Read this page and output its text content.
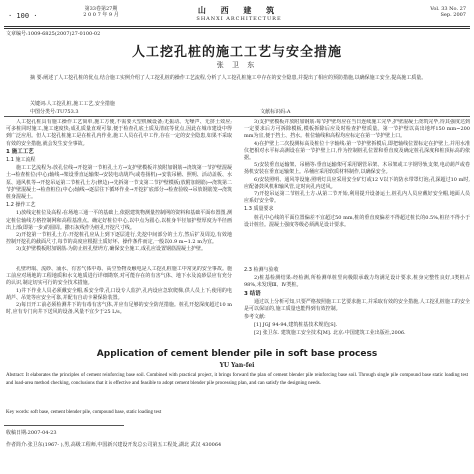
· 100 ·
第33卷第27期
2 0 0 7 年 9 月	山 西 建 筑
SHANXI ARCHITECTURE
Vol. 33 No. 27
Sep. 2007
文章编号:1009-6825(2007)27-0100-02
人工挖孔桩的施工工艺与安全措施
张 卫 东
摘 要:阐述了人工挖孔桩的优点,结合施工实例介绍了人工挖孔桩的操作工艺流程,分析了人工挖孔桩施工中存在的安全隐患,并提出了相应的预防措施,以确保施工安全,提高施工质量。
关键词:人工挖孔桩,施工工艺,安全措施
中图分类号:TU753.3	文献标识码:A

人工挖孔桩具有施工操作工艺简单,施工方便,不需要大型机械设备;无振动、无噪声、无挤土效应;可多桩同时施工,施工速度快;成孔质量直观可靠,便于检查孔底土质及清底等优点,因此在城市建设中得到广泛应用。但人工挖孔桩施工是在桩孔内作业,施工人员在孔中工作,存在一定的安全隐患,如果不采取有效的安全措施,就会发生安全事故。

1 施工工艺
1.1 施工流程

施工工艺流程为:放孔位线→开挖第一节桩孔土方→支护壁模板并放附加钢筋→浇筑第一节护壁混凝土→检查桩位(中心)轴线→架设垂直运输架→安装电动葫芦(或卷扬机)→安装吊桶、照明、活动盖板、水泵、通风机等→开挖吊运第二节桩孔土方(修边)→先拆第一节支第二节护壁模板(放附加钢筋)→浇筑第二节护壁混凝土→检查桩位(中心)轴线→逐层往下循环作业→开挖扩底部分→检查验收→吊放钢筋笼→浇筑桩身混凝土。

1.2 操作工艺

1)放线定桩位及高程:在场地三通一平的基础上,依据建筑物测量控制网的资料和基础平面布置图,测定桩位轴线方格控制网和高程基准点。确定好桩位中心,以中点为圆心,以桩身半径加护壁厚度为半径画出上部(即第一步)的圆周。撒石灰线作为桩孔开挖尺寸线。

2)开挖第一节桩孔土方:开挖桩孔应从上到下逐层进行,先挖中间部分的土方,然后扩及周边,有效地控制开挖孔的截面尺寸,每节的高度应根据土质好坏、操作条件而定,一般以0.9 m~1.2 m为宜。

3)支护壁模板附加钢筋:为防止桩孔壁坍方,确保安全施工,成孔应设置钢筋混凝土护壁。

3)支护壁模板并放附加钢筋:每节护壁均应在当日连续施工完毕,护壁混凝土浇筑完毕,待其强度达到一定要求后方可拆除模板,模板拆除后应及时检查护壁质量。第一节护壁以高出地坪150 mm~200 mm为宜,便于挡土、挡水。桩位轴线和高程均应标定在第一节护壁上口。

4)在护壁上二次投测标高及桩位十字轴线:第一节护壁拆模后,即把轴线位置标定在护壁上,并用水准仪把相对水平标高测设在第一节护壁上口,作为控制桩孔位置和垂直度及确定桩孔深度和桩顶标高的依据。

5)安装垂直运输架、吊桶等:垂直运输架可采用钢管吊架、木吊架或工字钢导轨支架,电动葫芦或卷扬机安装在垂直运输架上。吊桶应采用软质材料制作,以确保安全。

6)安装照明、通风等设施:照明灯具应采用安全矿灯或12 V以下的防水带罩灯泡;孔深超过10 m时,应配备鼓风机和输风管,定时向孔内送风。

7)开挖吊运第二节桩孔土方:从第二节开始,利用提升设备运土,桩孔内人员应戴好安全帽,地面人员应系好安全带。

1.3 质量要求

桩孔中心线的平面位置偏差不宜超过50 mm,桩的垂直度偏差不得超过桩长的0.5%,桩径不得小于设计桩径。混凝土强度等级必须满足设计要求。

孔壁坍塌、流砂、涌水、有害气体中毒、高空坠物及触电是人工挖孔桩施工中常见的安全事故。施工前应对场地的工程地质和水文地质进行详细勘察,对可能存在的有害气体、地下水及流砂层应有充分的认识,制定切实可行的安全技术措施。

1)井下作业人员必须戴安全帽,系安全带,孔口设专人监护,孔内设应急软爬梯,供人员上下;使用的电葫芦、吊笼等应安全可靠,并配有自动卡紧保险装置。

2)每日开工前必须检测井下的有毒有害气体,并应有足够的安全防范措施。桩孔开挖深度超过10 m时,应有专门向井下送风的设备,风量不宜少于25 L/s。

2.3 检测与验收

2)桩基检测结果:经检测,所检测单桩竖向极限承载力均满足设计要求,桩身完整性良好,Ⅰ类桩占98%,未发现Ⅲ、Ⅳ类桩。

3 结语

通过以上分析可知,只要严格按照施工工艺要求施工,并采取有效的安全措施,人工挖孔桩施工的安全是可以保证的,施工质量也能得到有效控制。

参考文献:

[1] JGJ 94-94,建筑桩基技术规范[S].

[2] 张卫东. 建筑施工安全技术[M]. 北京:中国建筑工业出版社,2006.

Application of cement blender pile in soft base process
YU Yan-fei
Abstract: It elaborates the principles of cement reinforcing base soil. Combined with practical project, it brings forward the plan of cement blender pile reinforcing base soil. Through single pile compound base static loading test and load-area method checking, conclusions that it is effective and feasible to adopt cement blender pile processing plan, and can satisfy the designing needs.
Key words: soft base, cement blender pile, compound base, static loading test
收稿日期:2007-04-23
作者简介:张卫东(1967- ),男,高级工程师,中国新兴建设开发总公司第五工程处,湖北 武汉 430064
